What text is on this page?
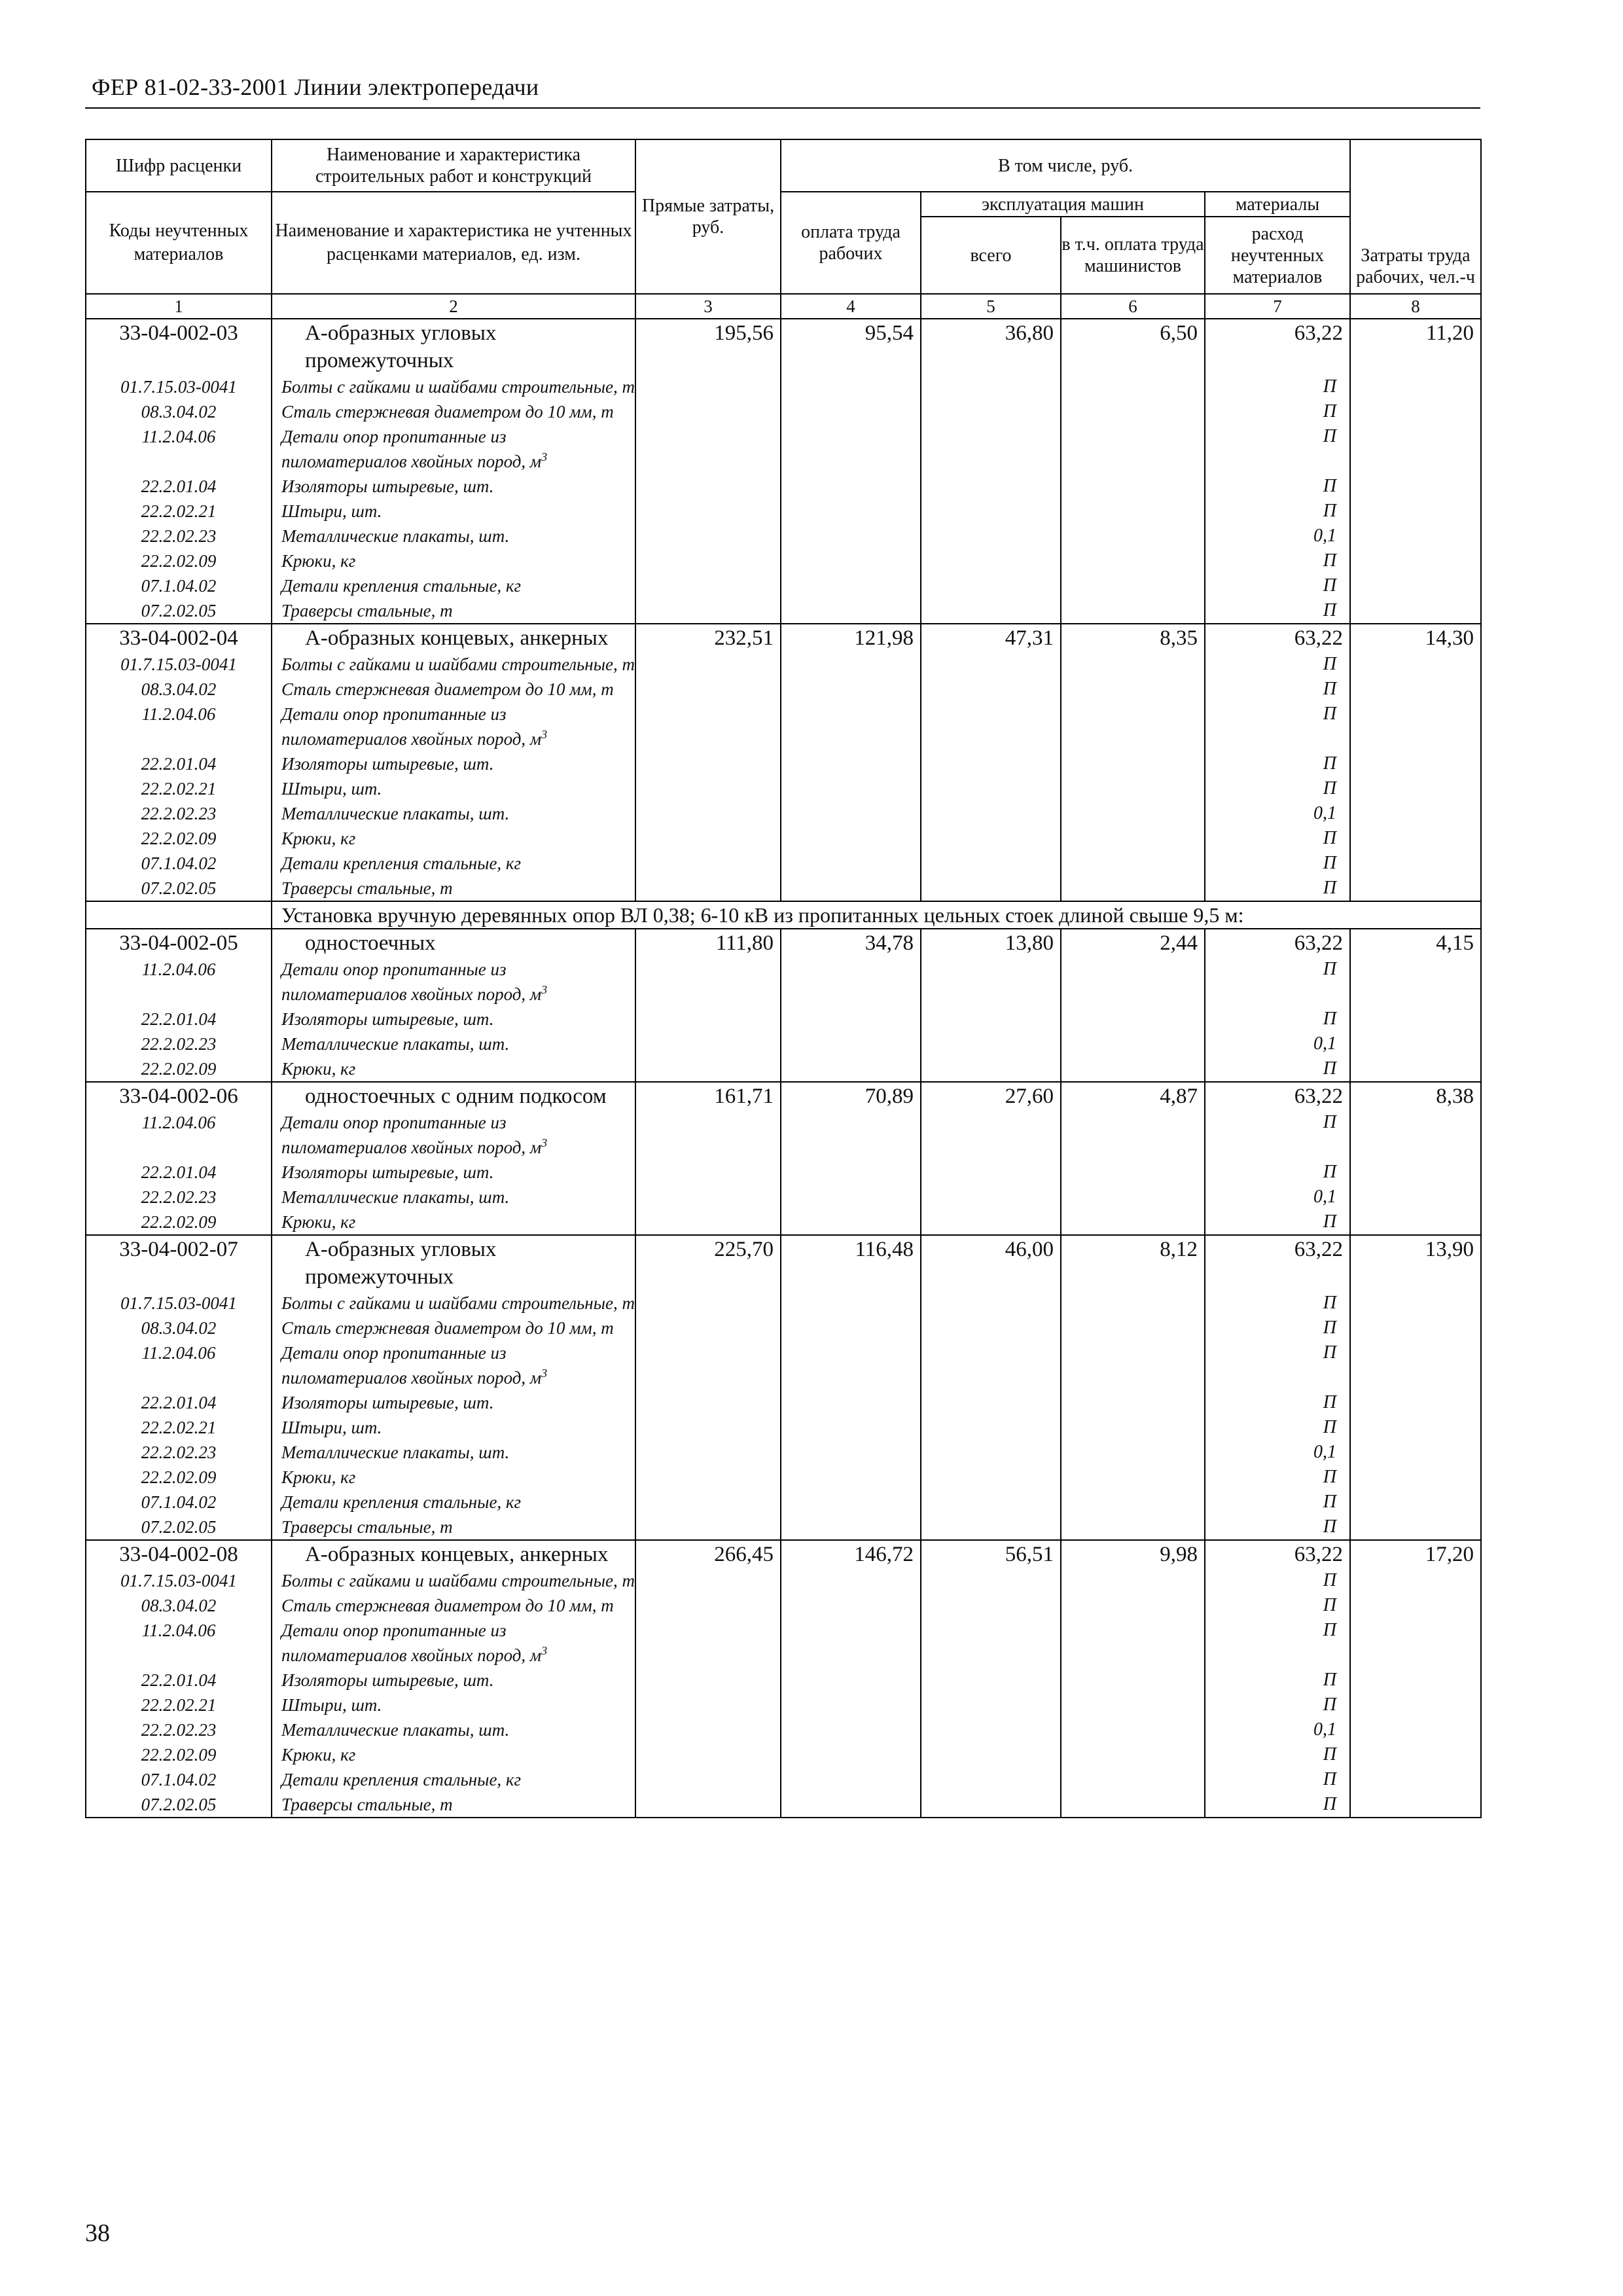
ФЕР 81-02-33-2001 Линии электропередачи
Шифр расценки	Наименование и характеристика строительных работ и конструкций	Прямые затраты, руб.	В том числе, руб.				Затраты труда рабочих, чел.-ч
Коды неучтенных материалов	Наименование и характеристика не учтенных расценками материалов, ед. изм.		оплата труда рабочих	эксплуатация машин		материалы	
				всего	в т.ч. оплата труда машинистов	расход неучтенных материалов	
1	2	3	4	5	6	7	8
33-04-002-03	А-образных угловых промежуточных	195,56	95,54	36,80	6,50	63,22	11,20
01.7.15.03-0041	Болты с гайками и шайбами строительные, т					П	
08.3.04.02	Сталь стержневая диаметром до 10 мм, т					П	
11.2.04.06	Детали опор пропитанные из пиломатериалов хвойных пород, $м^3$					П	
22.2.01.04	Изоляторы штыревые, шт.					П	
22.2.02.21	Штыри, шт.					П	
22.2.02.23	Металлические плакаты, шт.					0,1	
22.2.02.09	Крюки, кг					П	
07.1.04.02	Детали крепления стальные, кг					П	
07.2.02.05	Траверсы стальные, т					П	
33-04-002-04	А-образных концевых, анкерных	232,51	121,98	47,31	8,35	63,22	14,30
01.7.15.03-0041	Болты с гайками и шайбами строительные, т					П	
08.3.04.02	Сталь стержневая диаметром до 10 мм, т					П	
11.2.04.06	Детали опор пропитанные из пиломатериалов хвойных пород, $м^3$					П	
22.2.01.04	Изоляторы штыревые, шт.					П	
22.2.02.21	Штыри, шт.					П	
22.2.02.23	Металлические плакаты, шт.					0,1	
22.2.02.09	Крюки, кг					П	
07.1.04.02	Детали крепления стальные, кг					П	
07.2.02.05	Траверсы стальные, т					П	
	Установка вручную деревянных опор ВЛ 0,38; 6-10 кВ из пропитанных цельных стоек длиной свыше 9,5 м:						
33-04-002-05	одностоечных	111,80	34,78	13,80	2,44	63,22	4,15
11.2.04.06	Детали опор пропитанные из пиломатериалов хвойных пород, $м^3$					П	
22.2.01.04	Изоляторы штыревые, шт.					П	
22.2.02.23	Металлические плакаты, шт.					0,1	
22.2.02.09	Крюки, кг					П	
33-04-002-06	одностоечных с одним подкосом	161,71	70,89	27,60	4,87	63,22	8,38
11.2.04.06	Детали опор пропитанные из пиломатериалов хвойных пород, $м^3$					П	
22.2.01.04	Изоляторы штыревые, шт.					П	
22.2.02.23	Металлические плакаты, шт.					0,1	
22.2.02.09	Крюки, кг					П	
33-04-002-07	А-образных угловых промежуточных	225,70	116,48	46,00	8,12	63,22	13,90
01.7.15.03-0041	Болты с гайками и шайбами строительные, т					П	
08.3.04.02	Сталь стержневая диаметром до 10 мм, т					П	
11.2.04.06	Детали опор пропитанные из пиломатериалов хвойных пород, $м^3$					П	
22.2.01.04	Изоляторы штыревые, шт.					П	
22.2.02.21	Штыри, шт.					П	
22.2.02.23	Металлические плакаты, шт.					0,1	
22.2.02.09	Крюки, кг					П	
07.1.04.02	Детали крепления стальные, кг					П	
07.2.02.05	Траверсы стальные, т					П	
33-04-002-08	А-образных концевых, анкерных	266,45	146,72	56,51	9,98	63,22	17,20
01.7.15.03-0041	Болты с гайками и шайбами строительные, т					П	
08.3.04.02	Сталь стержневая диаметром до 10 мм, т					П	
11.2.04.06	Детали опор пропитанные из пиломатериалов хвойных пород, $м^3$					П	
22.2.01.04	Изоляторы штыревые, шт.					П	
22.2.02.21	Штыри, шт.					П	
22.2.02.23	Металлические плакаты, шт.					0,1	
22.2.02.09	Крюки, кг					П	
07.1.04.02	Детали крепления стальные, кг					П	
07.2.02.05	Траверсы стальные, т					П	
38
